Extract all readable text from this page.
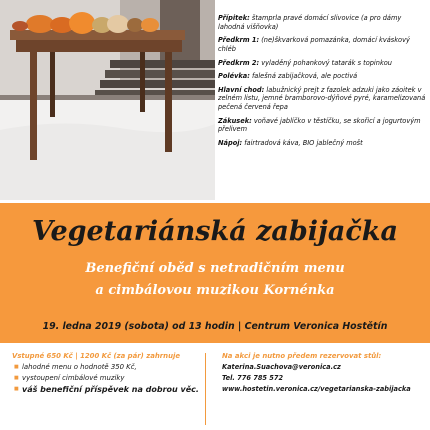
Přípitek: štamprla pravé domácí slivovice (a pro dámy lahodná višňovka)
Předkrm 1: (ne)škvarková pomazánka, domácí kváskový chléb
Předkrm 2: vyladěný pohankový tatarák s topinkou
Polévka: falešná zabijačková, ale poctivá
Hlavní chod: labužnický prejt z fazolek adzuki jako záoitek v zelném listu, jemné bramborovo-dýňové pyré, karamelizovaná pečená červená řepa
Zákusek: voňavé jablíčko v těstíčku, se skořicí a jogurtovým přelivem
Nápoj: fairtradová káva, BIO jablečný mošt
Vegetariánská zabijačka
Benefiční oběd s netradičním menu
a cimbálovou muzikou Kornénka
19. ledna 2019 (sobota) od 13 hodin | Centrum Veronica Hostětín
Vstupné 650 Kč | 1200 Kč (za pár) zahrnuje
■ lahodné menu o hodnotě 350 Kč,
■ vystoupení cimbálové muziky
■ váš benefiční příspěvek na dobrou věc.
Na akci je nutno předem rezervovat stůl:
Katerina.Suachova@veronica.cz
Tel. 776 785 572
www.hostetin.veronica.cz/vegetarianska-zabijacka
